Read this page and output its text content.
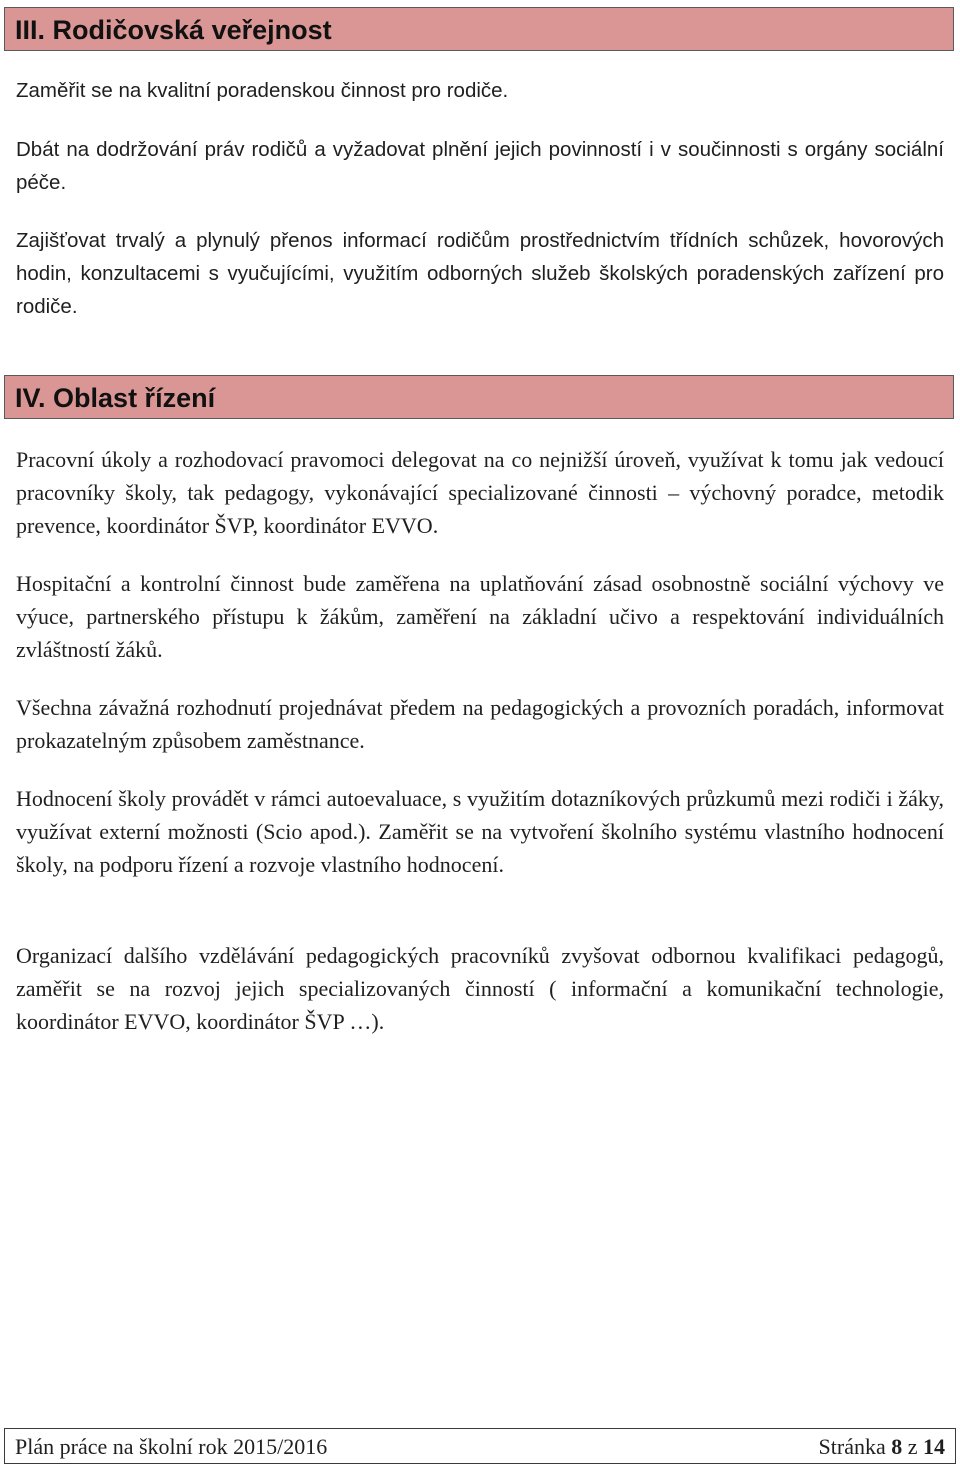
III. Rodičovská veřejnost

Zaměřit se na kvalitní poradenskou činnost pro rodiče.

Dbát na dodržování práv rodičů a vyžadovat plnění jejich povinností i v součinnosti s orgány sociální péče.

Zajišťovat trvalý a plynulý přenos informací rodičům prostřednictvím třídních schůzek, hovorových hodin, konzultacemi s vyučujícími, využitím odborných služeb školských poradenských zařízení pro rodiče.

IV. Oblast řízení

Pracovní úkoly a rozhodovací pravomoci delegovat na co nejnižší úroveň, využívat k tomu jak vedoucí pracovníky školy, tak pedagogy, vykonávající specializované činnosti – výchovný poradce, metodik prevence, koordinátor ŠVP, koordinátor EVVO.

Hospitační a kontrolní činnost bude zaměřena na uplatňování zásad osobnostně sociální výchovy ve výuce, partnerského přístupu k žákům, zaměření na základní učivo a respektování individuálních zvláštností žáků.

Všechna závažná rozhodnutí projednávat předem na pedagogických a provozních poradách, informovat prokazatelným způsobem zaměstnance.

Hodnocení školy provádět v rámci autoevaluace, s využitím dotazníkových průzkumů mezi rodiči i žáky, využívat externí možnosti (Scio apod.). Zaměřit se na vytvoření školního systému vlastního hodnocení školy, na podporu řízení a rozvoje vlastního hodnocení.

Organizací dalšího vzdělávání pedagogických pracovníků zvyšovat odbornou kvalifikaci pedagogů, zaměřit se na rozvoj jejich specializovaných činností ( informační a komunikační technologie, koordinátor EVVO, koordinátor ŠVP …).

Plán práce na školní rok 2015/2016	Stránka 8 z 14
